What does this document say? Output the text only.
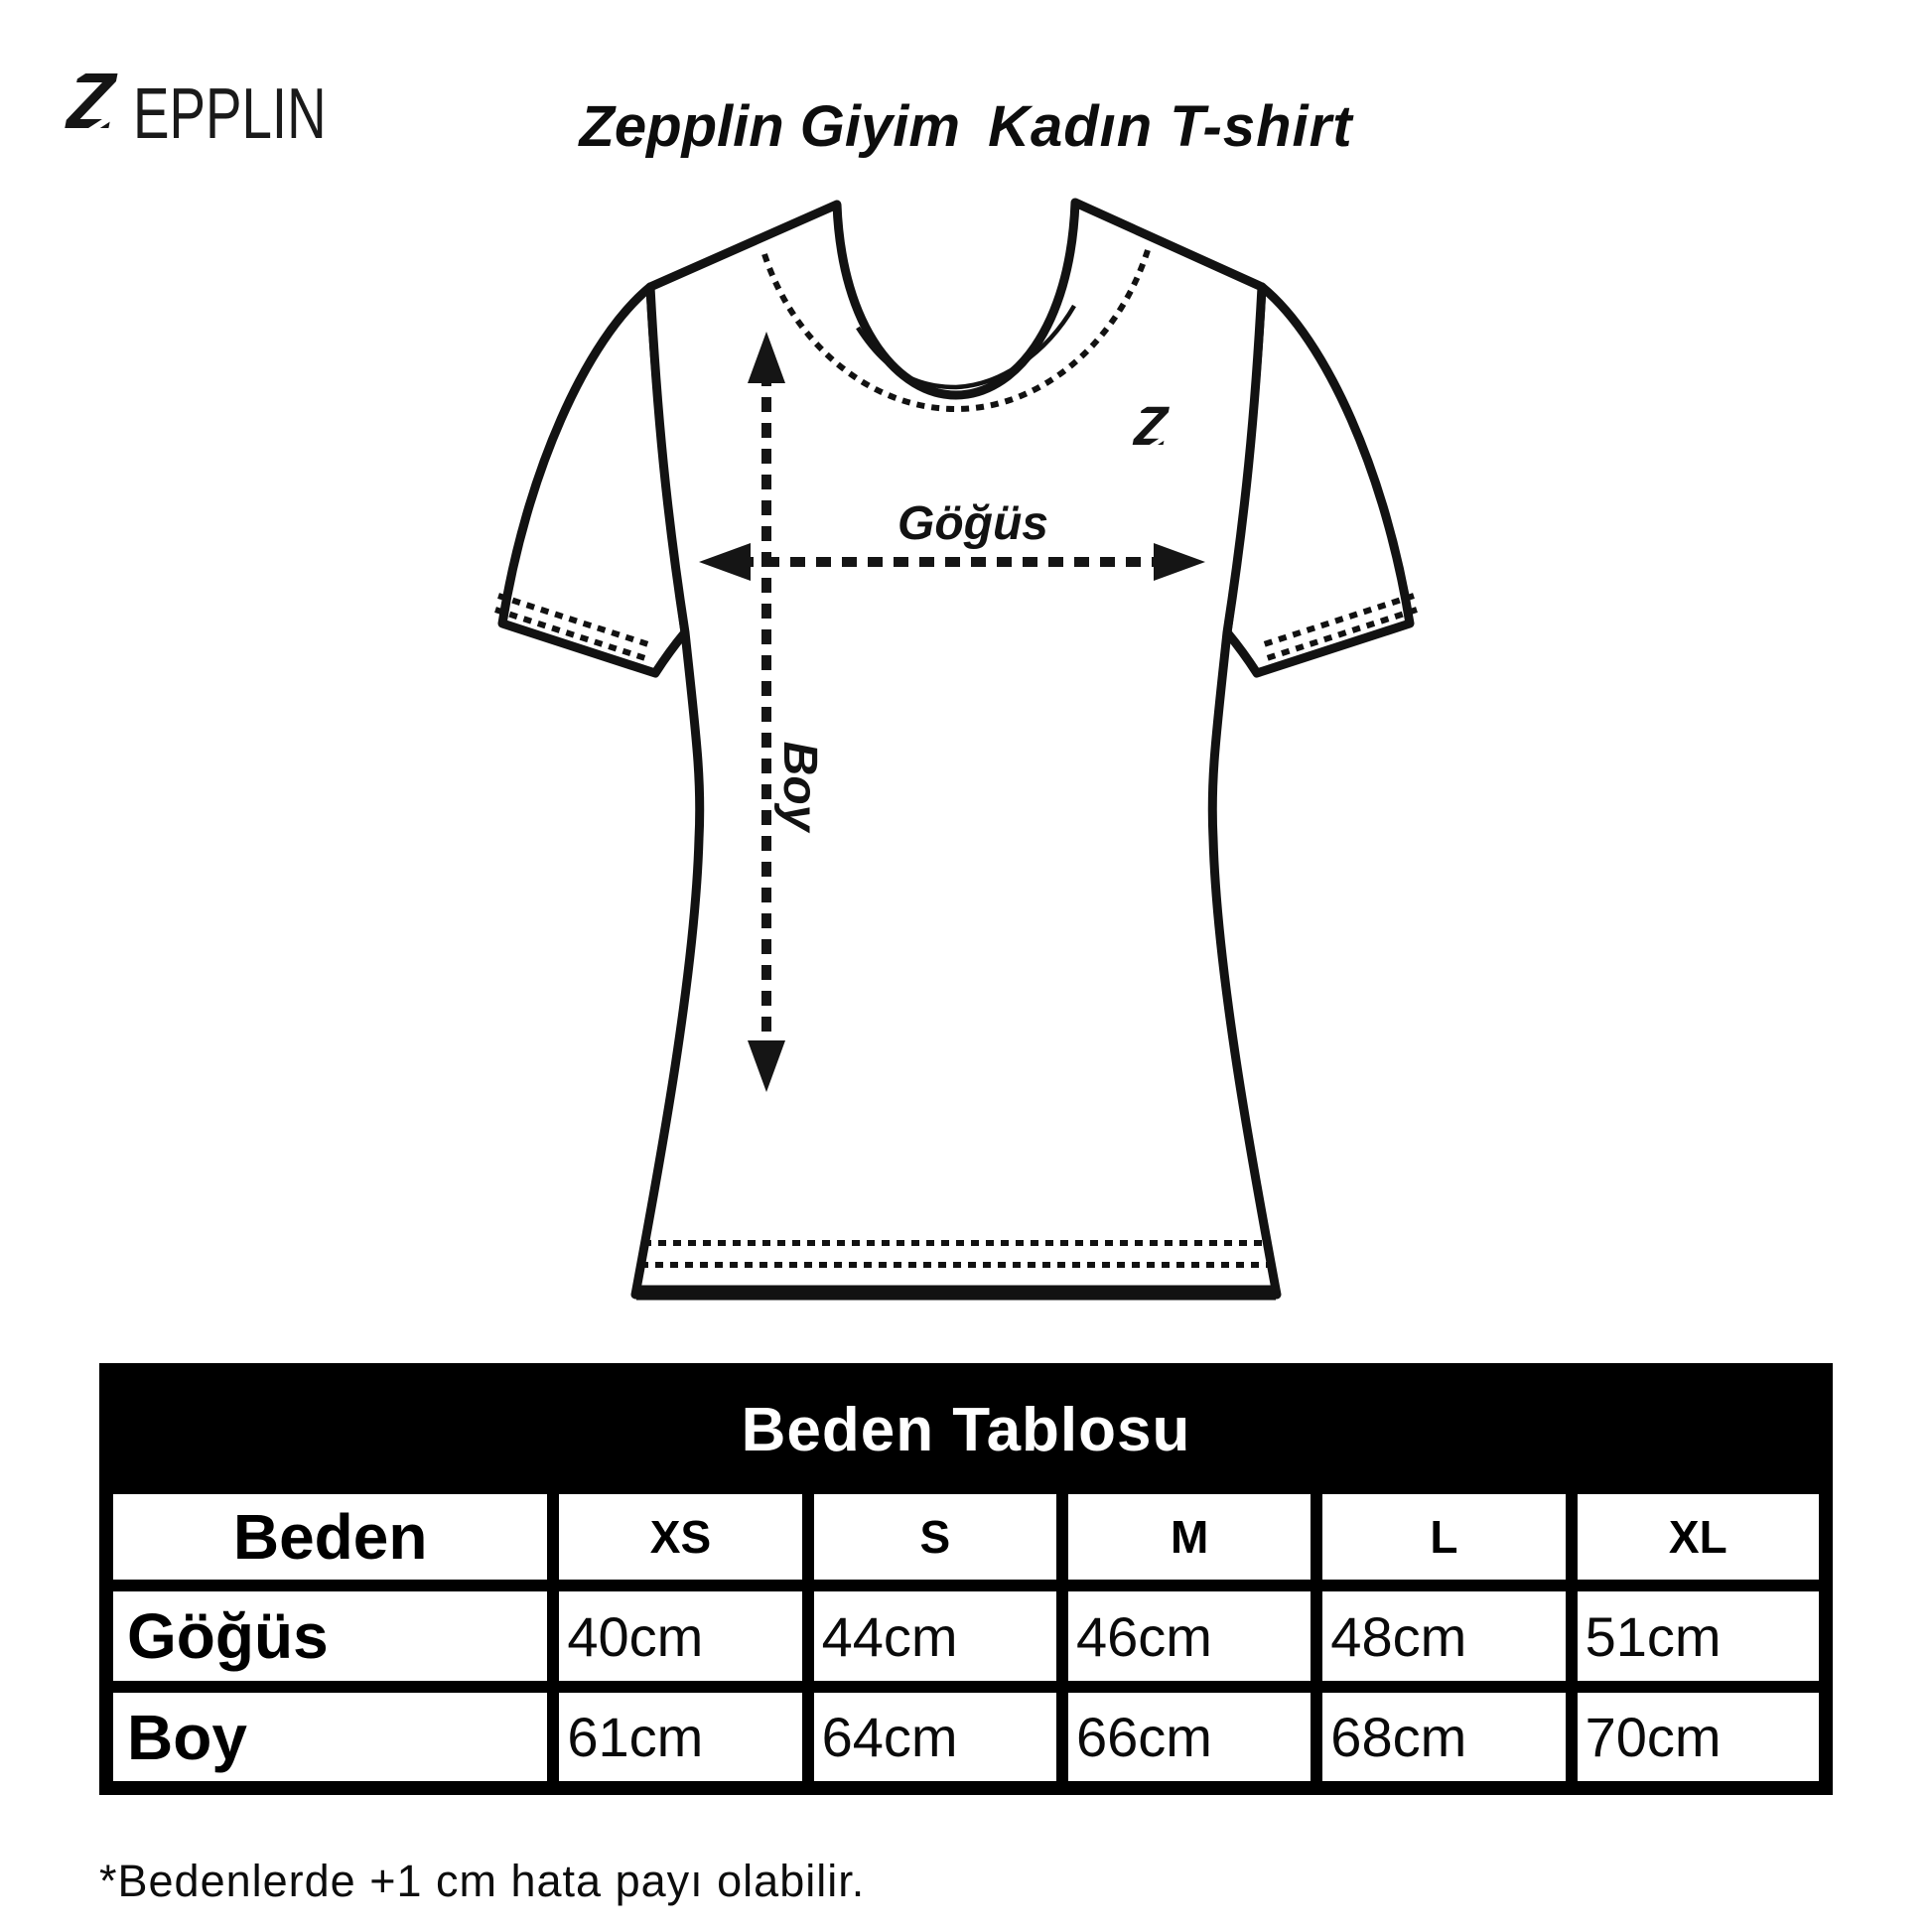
EPPLIN	Zepplin Giyim Kadın T-shirt
Göğüs
Boy
Beden Tablosu					
Beden	XS	S	M	L	XL
Göğüs	40cm	44cm	46cm	48cm	51cm
Boy	61cm	64cm	66cm	68cm	70cm
*Bedenlerde +1 cm hata payı olabilir.
